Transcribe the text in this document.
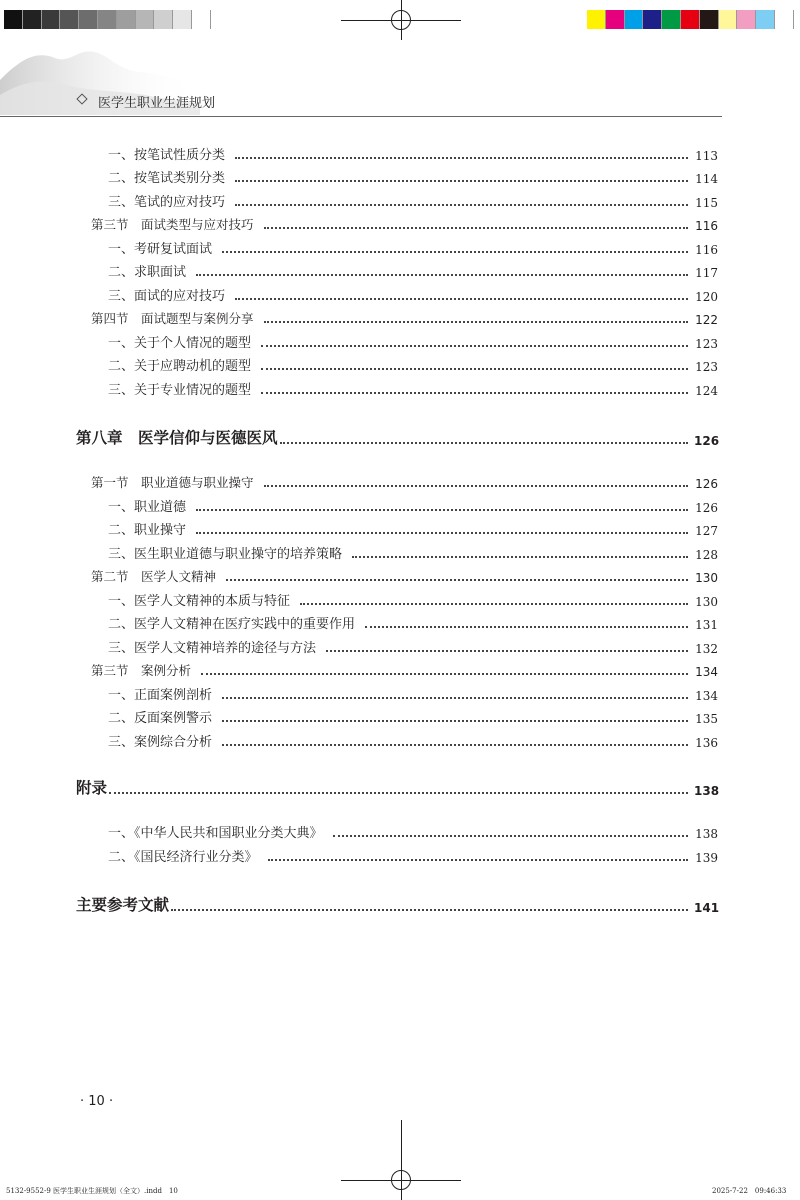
医学生职业生涯规划
一、按笔试性质分类	113
二、按笔试类别分类	114
三、笔试的应对技巧	115
第三节　面试类型与应对技巧	116
一、考研复试面试	116
二、求职面试	117
三、面试的应对技巧	120
第四节　面试题型与案例分享	122
一、关于个人情况的题型	123
二、关于应聘动机的题型	123
三、关于专业情况的题型	124
第八章　医学信仰与医德医风	126
第一节　职业道德与职业操守	126
一、职业道德	126
二、职业操守	127
三、医生职业道德与职业操守的培养策略	128
第二节　医学人文精神	130
一、医学人文精神的本质与特征	130
二、医学人文精神在医疗实践中的重要作用	131
三、医学人文精神培养的途径与方法	132
第三节　案例分析	134
一、正面案例剖析	134
二、反面案例警示	135
三、案例综合分析	136
附录	138
一、《中华人民共和国职业分类大典》	138
二、《国民经济行业分类》	139
主要参考文献	141
· 10 ·
5132-9552-9 医学生职业生涯规划（全文）.indd　10	2025-7-22　09:46:33
